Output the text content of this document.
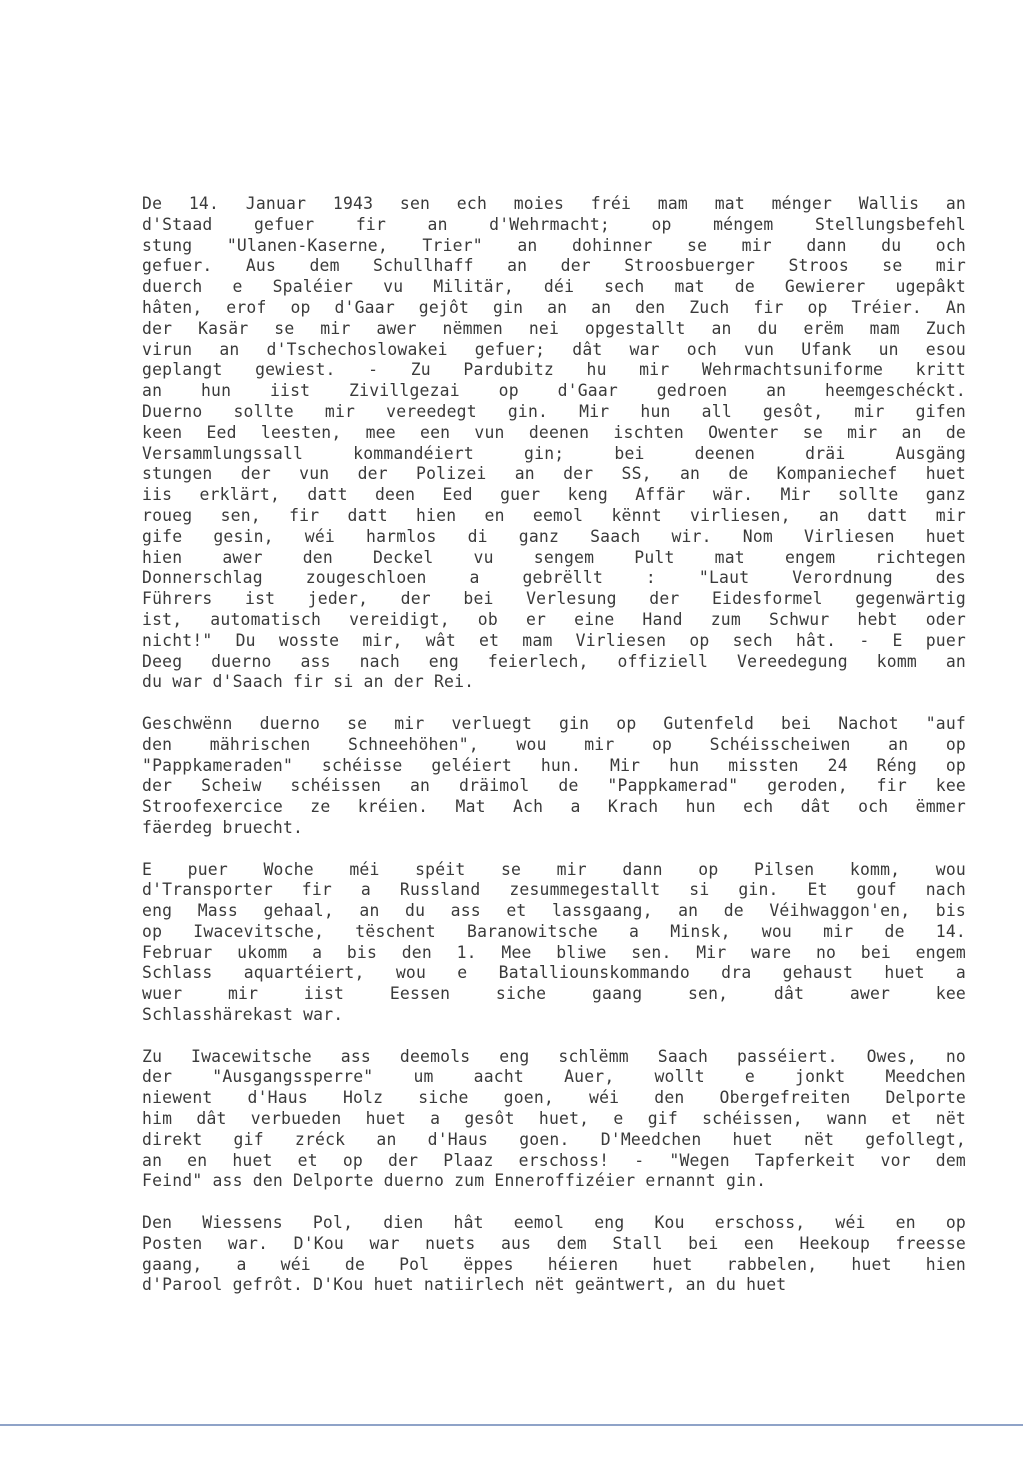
De 14. Januar 1943 sen ech moies fréi mam mat ménger Wallis an
d'Staad gefuer fir an d'Wehrmacht; op méngem Stellungsbefehl
stung "Ulanen-Kaserne, Trier" an dohinner se mir dann du och
gefuer. Aus dem Schullhaff an der Stroosbuerger Stroos se mir
duerch e Spaléier vu Militär, déi sech mat de Gewierer ugepâkt
hâten, erof op d'Gaar gejôt gin an an den Zuch fir op Tréier. An
der Kasär se mir awer nëmmen nei opgestallt an du erëm mam Zuch
virun an d'Tschechoslowakei gefuer; dât war och vun Ufank un esou
geplangt gewiest. - Zu Pardubitz hu mir Wehrmachtsuniforme kritt
an hun iist Zivillgezai op d'Gaar gedroen an heemgeschéckt.
Duerno sollte mir vereedegt gin. Mir hun all gesôt, mir gifen
keen Eed leesten, mee een vun deenen ischten Owenter se mir an de
Versammlungssall kommandéiert gin; bei deenen dräi Ausgäng
stungen der vun der Polizei an der SS, an de Kompaniechef huet
iis erklärt, datt deen Eed guer keng Affär wär. Mir sollte ganz
roueg sen, fir datt hien en eemol kënnt virliesen, an datt mir
gife gesin, wéi harmlos di ganz Saach wir. Nom Virliesen huet
hien awer den Deckel vu sengem Pult mat engem richtegen
Donnerschlag zougeschloen a gebrëllt : "Laut Verordnung des
Führers ist jeder, der bei Verlesung der Eidesformel gegenwärtig
ist, automatisch vereidigt, ob er eine Hand zum Schwur hebt oder
nicht!" Du wosste mir, wât et mam Virliesen op sech hât. - E puer
Deeg duerno ass nach eng feierlech, offiziell Vereedegung komm an
du war d'Saach fir si an der Rei.
Geschwënn duerno se mir verluegt gin op Gutenfeld bei Nachot "auf
den mährischen Schneehöhen", wou mir op Schéisscheiwen an op
"Pappkameraden" schéisse geléiert hun. Mir hun missten 24 Réng op
der Scheiw schéissen an dräimol de "Pappkamerad" geroden, fir kee
Stroofexercice ze kréien. Mat Ach a Krach hun ech dât och ëmmer
fäerdeg bruecht.
E puer Woche méi spéit se mir dann op Pilsen komm, wou
d'Transporter fir a Russland zesummegestallt si gin. Et gouf nach
eng Mass gehaal, an du ass et lassgaang, an de Véihwaggon'en, bis
op Iwacevitsche, tëschent Baranowitsche a Minsk, wou mir de 14.
Februar ukomm a bis den 1. Mee bliwe sen. Mir ware no bei engem
Schlass aquartéiert, wou e Batalliounskommando dra gehaust huet a
wuer mir iist Eessen siche gaang sen, dât awer kee
Schlasshärekast war.
Zu Iwacewitsche ass deemols eng schlëmm Saach passéiert. Owes, no
der "Ausgangssperre" um aacht Auer, wollt e jonkt Meedchen
niewent d'Haus Holz siche goen, wéi den Obergefreiten Delporte
him dât verbueden huet a gesôt huet, e gif schéissen, wann et nët
direkt gif zréck an d'Haus goen. D'Meedchen huet nët gefollegt,
an en huet et op der Plaaz erschoss! - "Wegen Tapferkeit vor dem
Feind" ass den Delporte duerno zum Enneroffizéier ernannt gin.
Den Wiessens Pol, dien hât eemol eng Kou erschoss, wéi en op
Posten war. D'Kou war nuets aus dem Stall bei een Heekoup freesse
gaang, a wéi de Pol ëppes héieren huet rabbelen, huet hien
d'Parool gefrôt. D'Kou huet natiirlech nët geäntwert, an du huet
